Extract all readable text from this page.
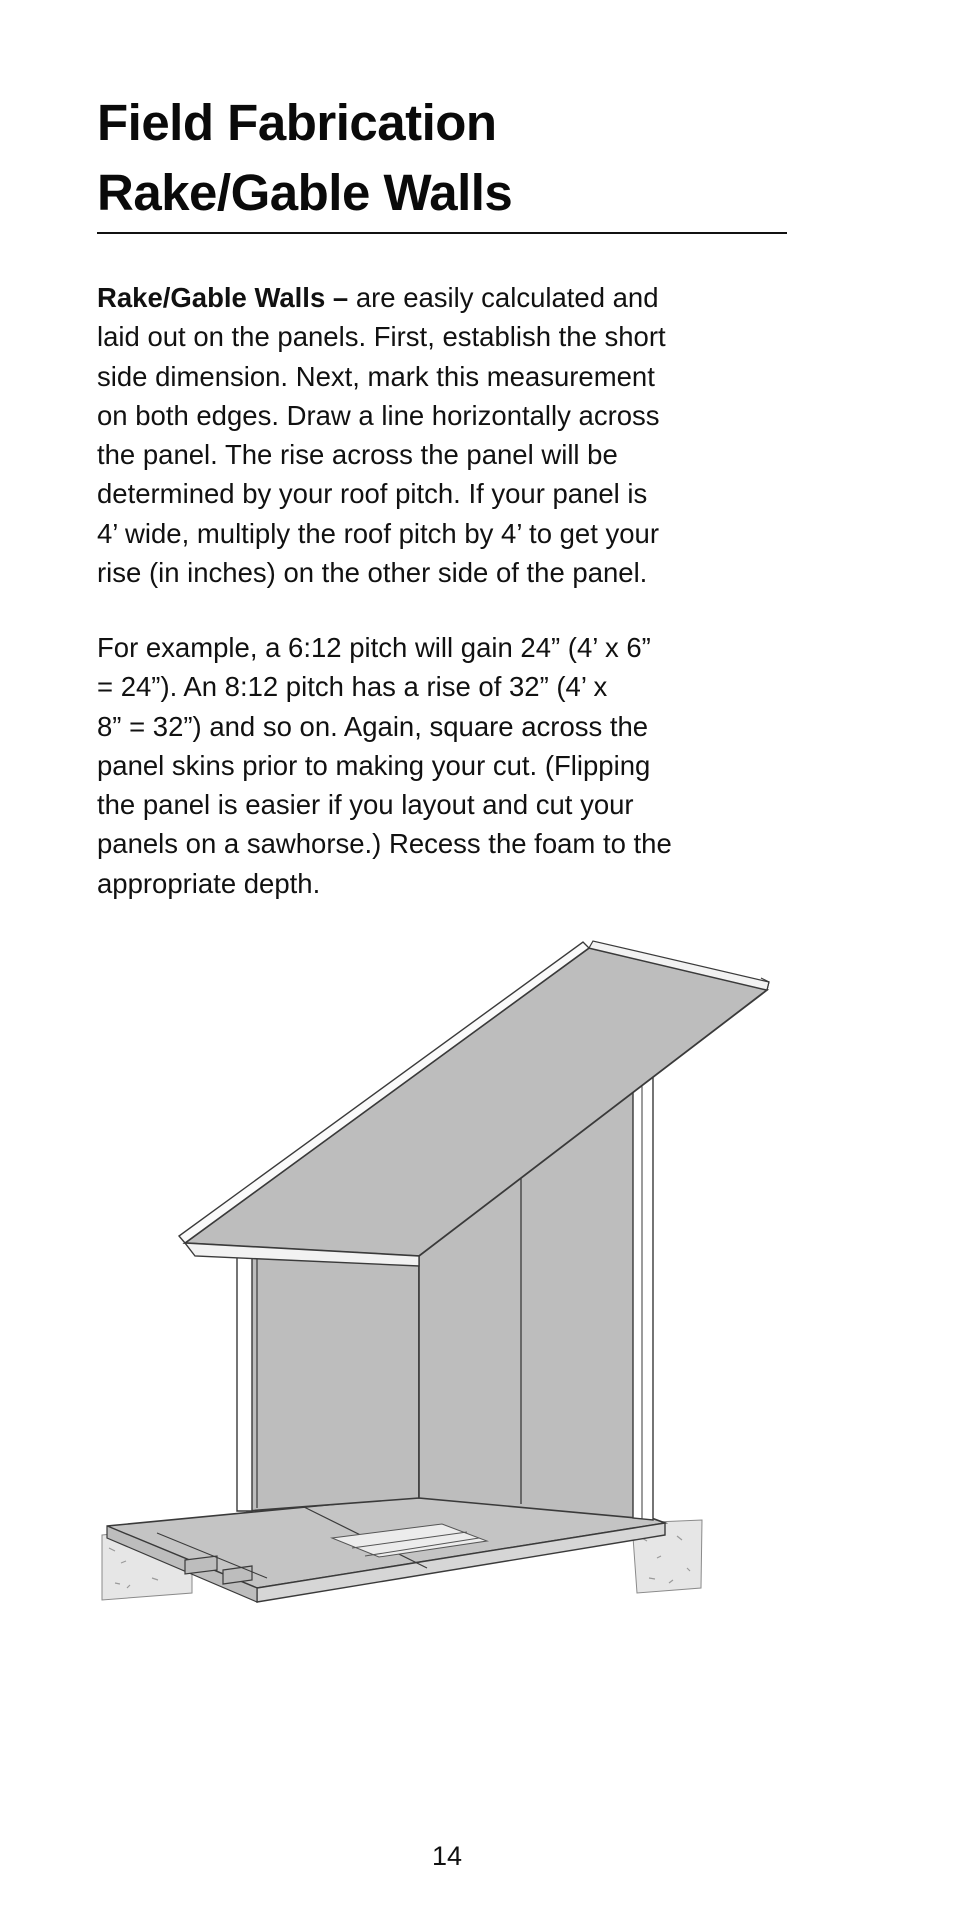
Field Fabrication
Rake/Gable Walls

Rake/Gable Walls – are easily calculated and
laid out on the panels. First, establish the short
side dimension. Next, mark this measurement
on both edges. Draw a line horizontally across
the panel. The rise across the panel will be
determined by your roof pitch. If your panel is
4’ wide, multiply the roof pitch by 4’ to get your
rise (in inches) on the other side of the panel.

For example, a 6:12 pitch will gain 24” (4’ x 6”
= 24”). An 8:12 pitch has a rise of 32” (4’ x
8” = 32”) and so on. Again, square across the
panel skins prior to making your cut. (Flipping
the panel is easier if you layout and cut your
panels on a sawhorse.) Recess the foam to the
appropriate depth.

14
